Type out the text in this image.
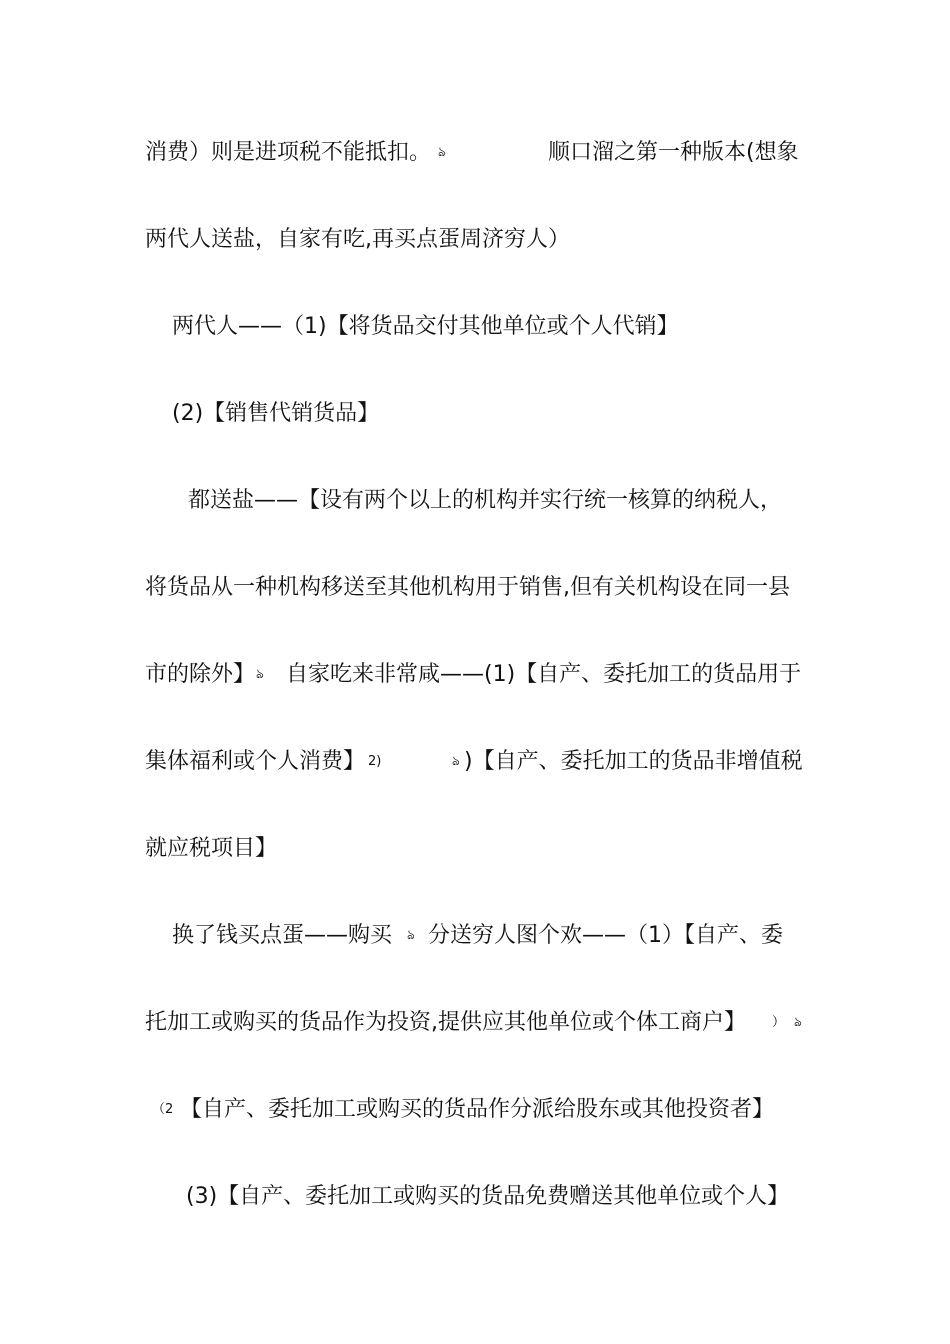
消费）则是进项税不能抵扣。 ঌ	顺口溜之第一种版本(想象
两代人送盐，自家有吃,再买点蛋周济穷人）
两代人——（1)【将货品交付其他单位或个人代销】
(2)【销售代销货品】
都送盐——【设有两个以上的机构并实行统一核算的纳税人，
将货品从一种机构移送至其他机构用于销售,但有关机构设在同一县
市的除外】 ঌ 自家吃来非常咸——(1)【自产、委托加工的货品用于
集体福利或个人消费】 2)	ঌ )【自产、委托加工的货品非增值税
就应税项目】
换了钱买点蛋——购买 ঌ 分送穷人图个欢——（1）【自产、委
托加工或购买的货品作为投资,提供应其他单位或个体工商户】 ） ঌ
（2 【自产、委托加工或购买的货品作分派给股东或其他投资者】
(3)【自产、委托加工或购买的货品免费赠送其他单位或个人】
